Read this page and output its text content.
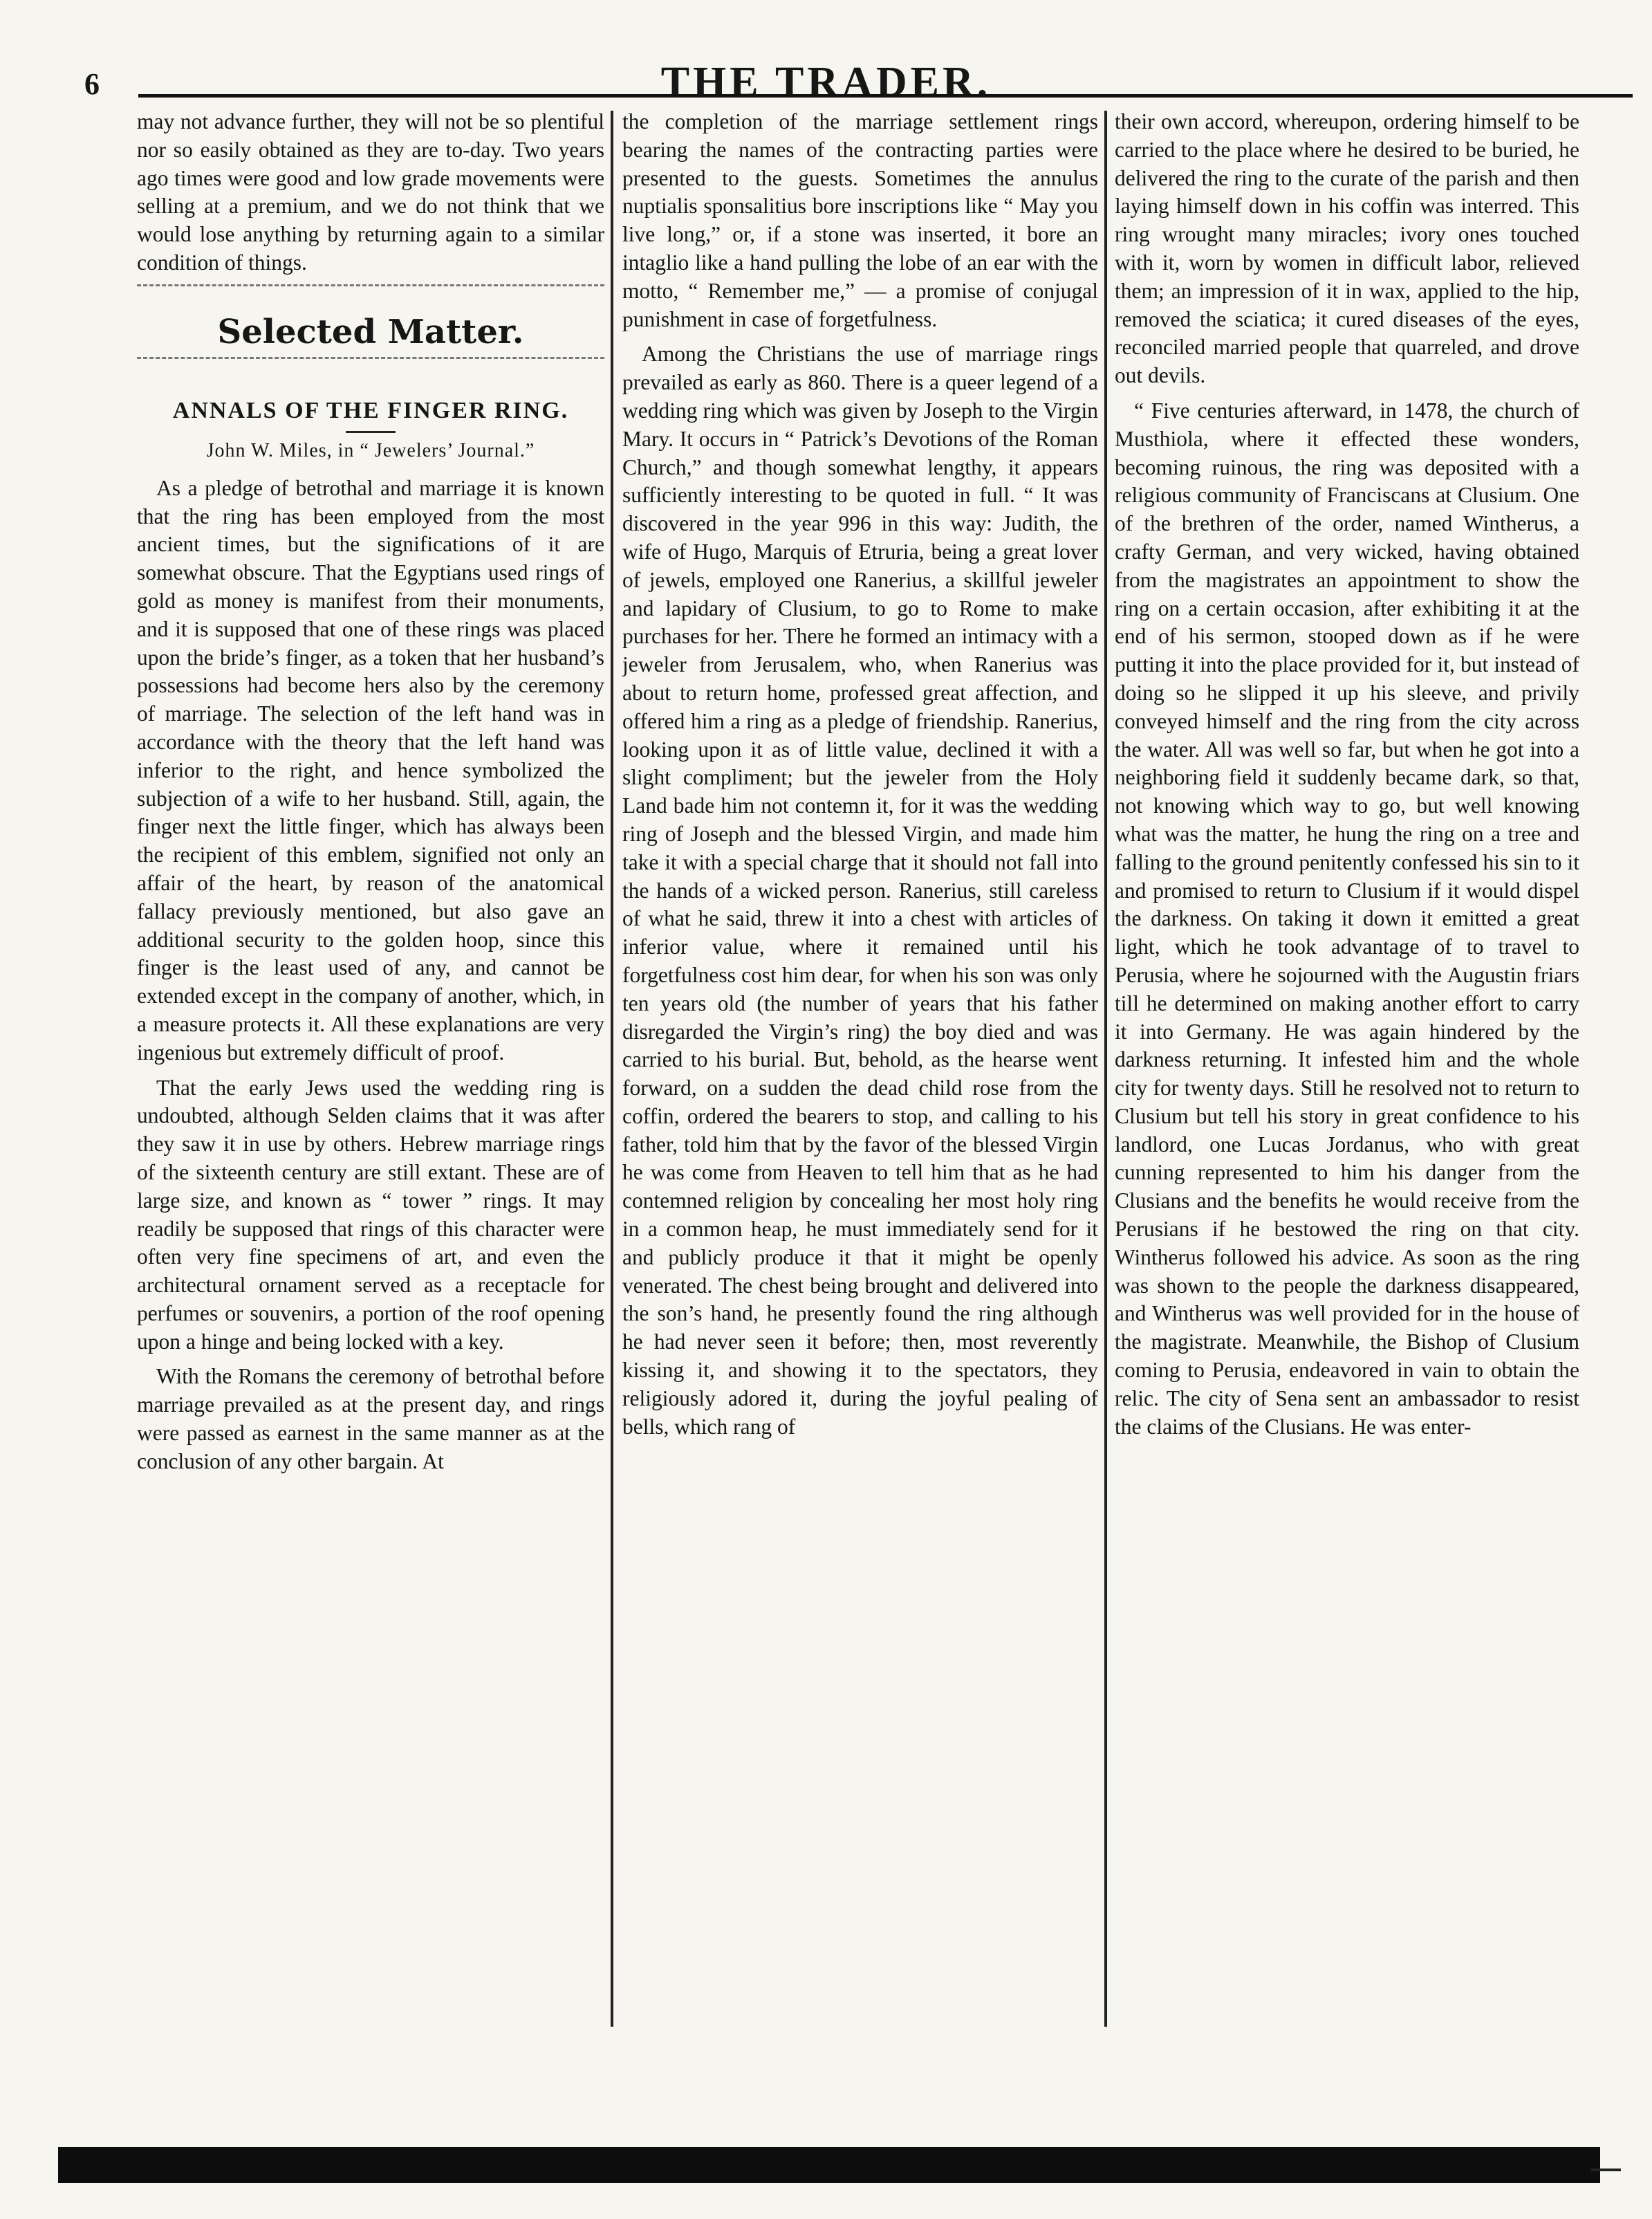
6	THE TRADER.

may not advance further, they will not be so plentiful nor so easily obtained as they are to-day. Two years ago times were good and low grade movements were selling at a premium, and we do not think that we would lose anything by returning again to a similar condition of things.

Selected Matter.
ANNALS OF THE FINGER RING.
John W. Miles, in “ Jewelers’ Journal.”

As a pledge of betrothal and marriage it is known that the ring has been employed from the most ancient times, but the significations of it are somewhat obscure. That the Egyptians used rings of gold as money is manifest from their monuments, and it is supposed that one of these rings was placed upon the bride’s finger, as a token that her husband’s possessions had become hers also by the ceremony of marriage. The selection of the left hand was in accordance with the theory that the left hand was inferior to the right, and hence symbolized the subjection of a wife to her husband. Still, again, the finger next the little finger, which has always been the recipient of this emblem, signified not only an affair of the heart, by reason of the anatomical fallacy previously mentioned, but also gave an additional security to the golden hoop, since this finger is the least used of any, and cannot be extended except in the company of another, which, in a measure protects it. All these explanations are very ingenious but extremely difficult of proof.

That the early Jews used the wedding ring is undoubted, although Selden claims that it was after they saw it in use by others. Hebrew marriage rings of the sixteenth century are still extant. These are of large size, and known as “ tower ” rings. It may readily be supposed that rings of this character were often very fine specimens of art, and even the architectural ornament served as a receptacle for perfumes or souvenirs, a portion of the roof opening upon a hinge and being locked with a key.

With the Romans the ceremony of betrothal before marriage prevailed as at the present day, and rings were passed as earnest in the same manner as at the conclusion of any other bargain. At

the completion of the marriage settlement rings bearing the names of the contracting parties were presented to the guests. Sometimes the annulus nuptialis sponsalitius bore inscriptions like “ May you live long,” or, if a stone was inserted, it bore an intaglio like a hand pulling the lobe of an ear with the motto, “ Remember me,” — a promise of conjugal punishment in case of forgetfulness.

Among the Christians the use of marriage rings prevailed as early as 860. There is a queer legend of a wedding ring which was given by Joseph to the Virgin Mary. It occurs in “ Patrick’s Devotions of the Roman Church,” and though somewhat lengthy, it appears sufficiently interesting to be quoted in full. “ It was discovered in the year 996 in this way: Judith, the wife of Hugo, Marquis of Etruria, being a great lover of jewels, employed one Ranerius, a skillful jeweler and lapidary of Clusium, to go to Rome to make purchases for her. There he formed an intimacy with a jeweler from Jerusalem, who, when Ranerius was about to return home, professed great affection, and offered him a ring as a pledge of friendship. Ranerius, looking upon it as of little value, declined it with a slight compliment; but the jeweler from the Holy Land bade him not contemn it, for it was the wedding ring of Joseph and the blessed Virgin, and made him take it with a special charge that it should not fall into the hands of a wicked person. Ranerius, still careless of what he said, threw it into a chest with articles of inferior value, where it remained until his forgetfulness cost him dear, for when his son was only ten years old (the number of years that his father disregarded the Virgin’s ring) the boy died and was carried to his burial. But, behold, as the hearse went forward, on a sudden the dead child rose from the coffin, ordered the bearers to stop, and calling to his father, told him that by the favor of the blessed Virgin he was come from Heaven to tell him that as he had contemned religion by concealing her most holy ring in a common heap, he must immediately send for it and publicly produce it that it might be openly venerated. The chest being brought and delivered into the son’s hand, he presently found the ring although he had never seen it before; then, most reverently kissing it, and showing it to the spectators, they religiously adored it, during the joyful pealing of bells, which rang of

their own accord, whereupon, ordering himself to be carried to the place where he desired to be buried, he delivered the ring to the curate of the parish and then laying himself down in his coffin was interred. This ring wrought many miracles; ivory ones touched with it, worn by women in difficult labor, relieved them; an impression of it in wax, applied to the hip, removed the sciatica; it cured diseases of the eyes, reconciled married people that quarreled, and drove out devils.

“ Five centuries afterward, in 1478, the church of Musthiola, where it effected these wonders, becoming ruinous, the ring was deposited with a religious community of Franciscans at Clusium. One of the brethren of the order, named Wintherus, a crafty German, and very wicked, having obtained from the magistrates an appointment to show the ring on a certain occasion, after exhibiting it at the end of his sermon, stooped down as if he were putting it into the place provided for it, but instead of doing so he slipped it up his sleeve, and privily conveyed himself and the ring from the city across the water. All was well so far, but when he got into a neighboring field it suddenly became dark, so that, not knowing which way to go, but well knowing what was the matter, he hung the ring on a tree and falling to the ground penitently confessed his sin to it and promised to return to Clusium if it would dispel the darkness. On taking it down it emitted a great light, which he took advantage of to travel to Perusia, where he sojourned with the Augustin friars till he determined on making another effort to carry it into Germany. He was again hindered by the darkness returning. It infested him and the whole city for twenty days. Still he resolved not to return to Clusium but tell his story in great confidence to his landlord, one Lucas Jordanus, who with great cunning represented to him his danger from the Clusians and the benefits he would receive from the Perusians if he bestowed the ring on that city. Wintherus followed his advice. As soon as the ring was shown to the people the darkness disappeared, and Wintherus was well provided for in the house of the magistrate. Meanwhile, the Bishop of Clusium coming to Perusia, endeavored in vain to obtain the relic. The city of Sena sent an ambassador to resist the claims of the Clusians. He was enter-
